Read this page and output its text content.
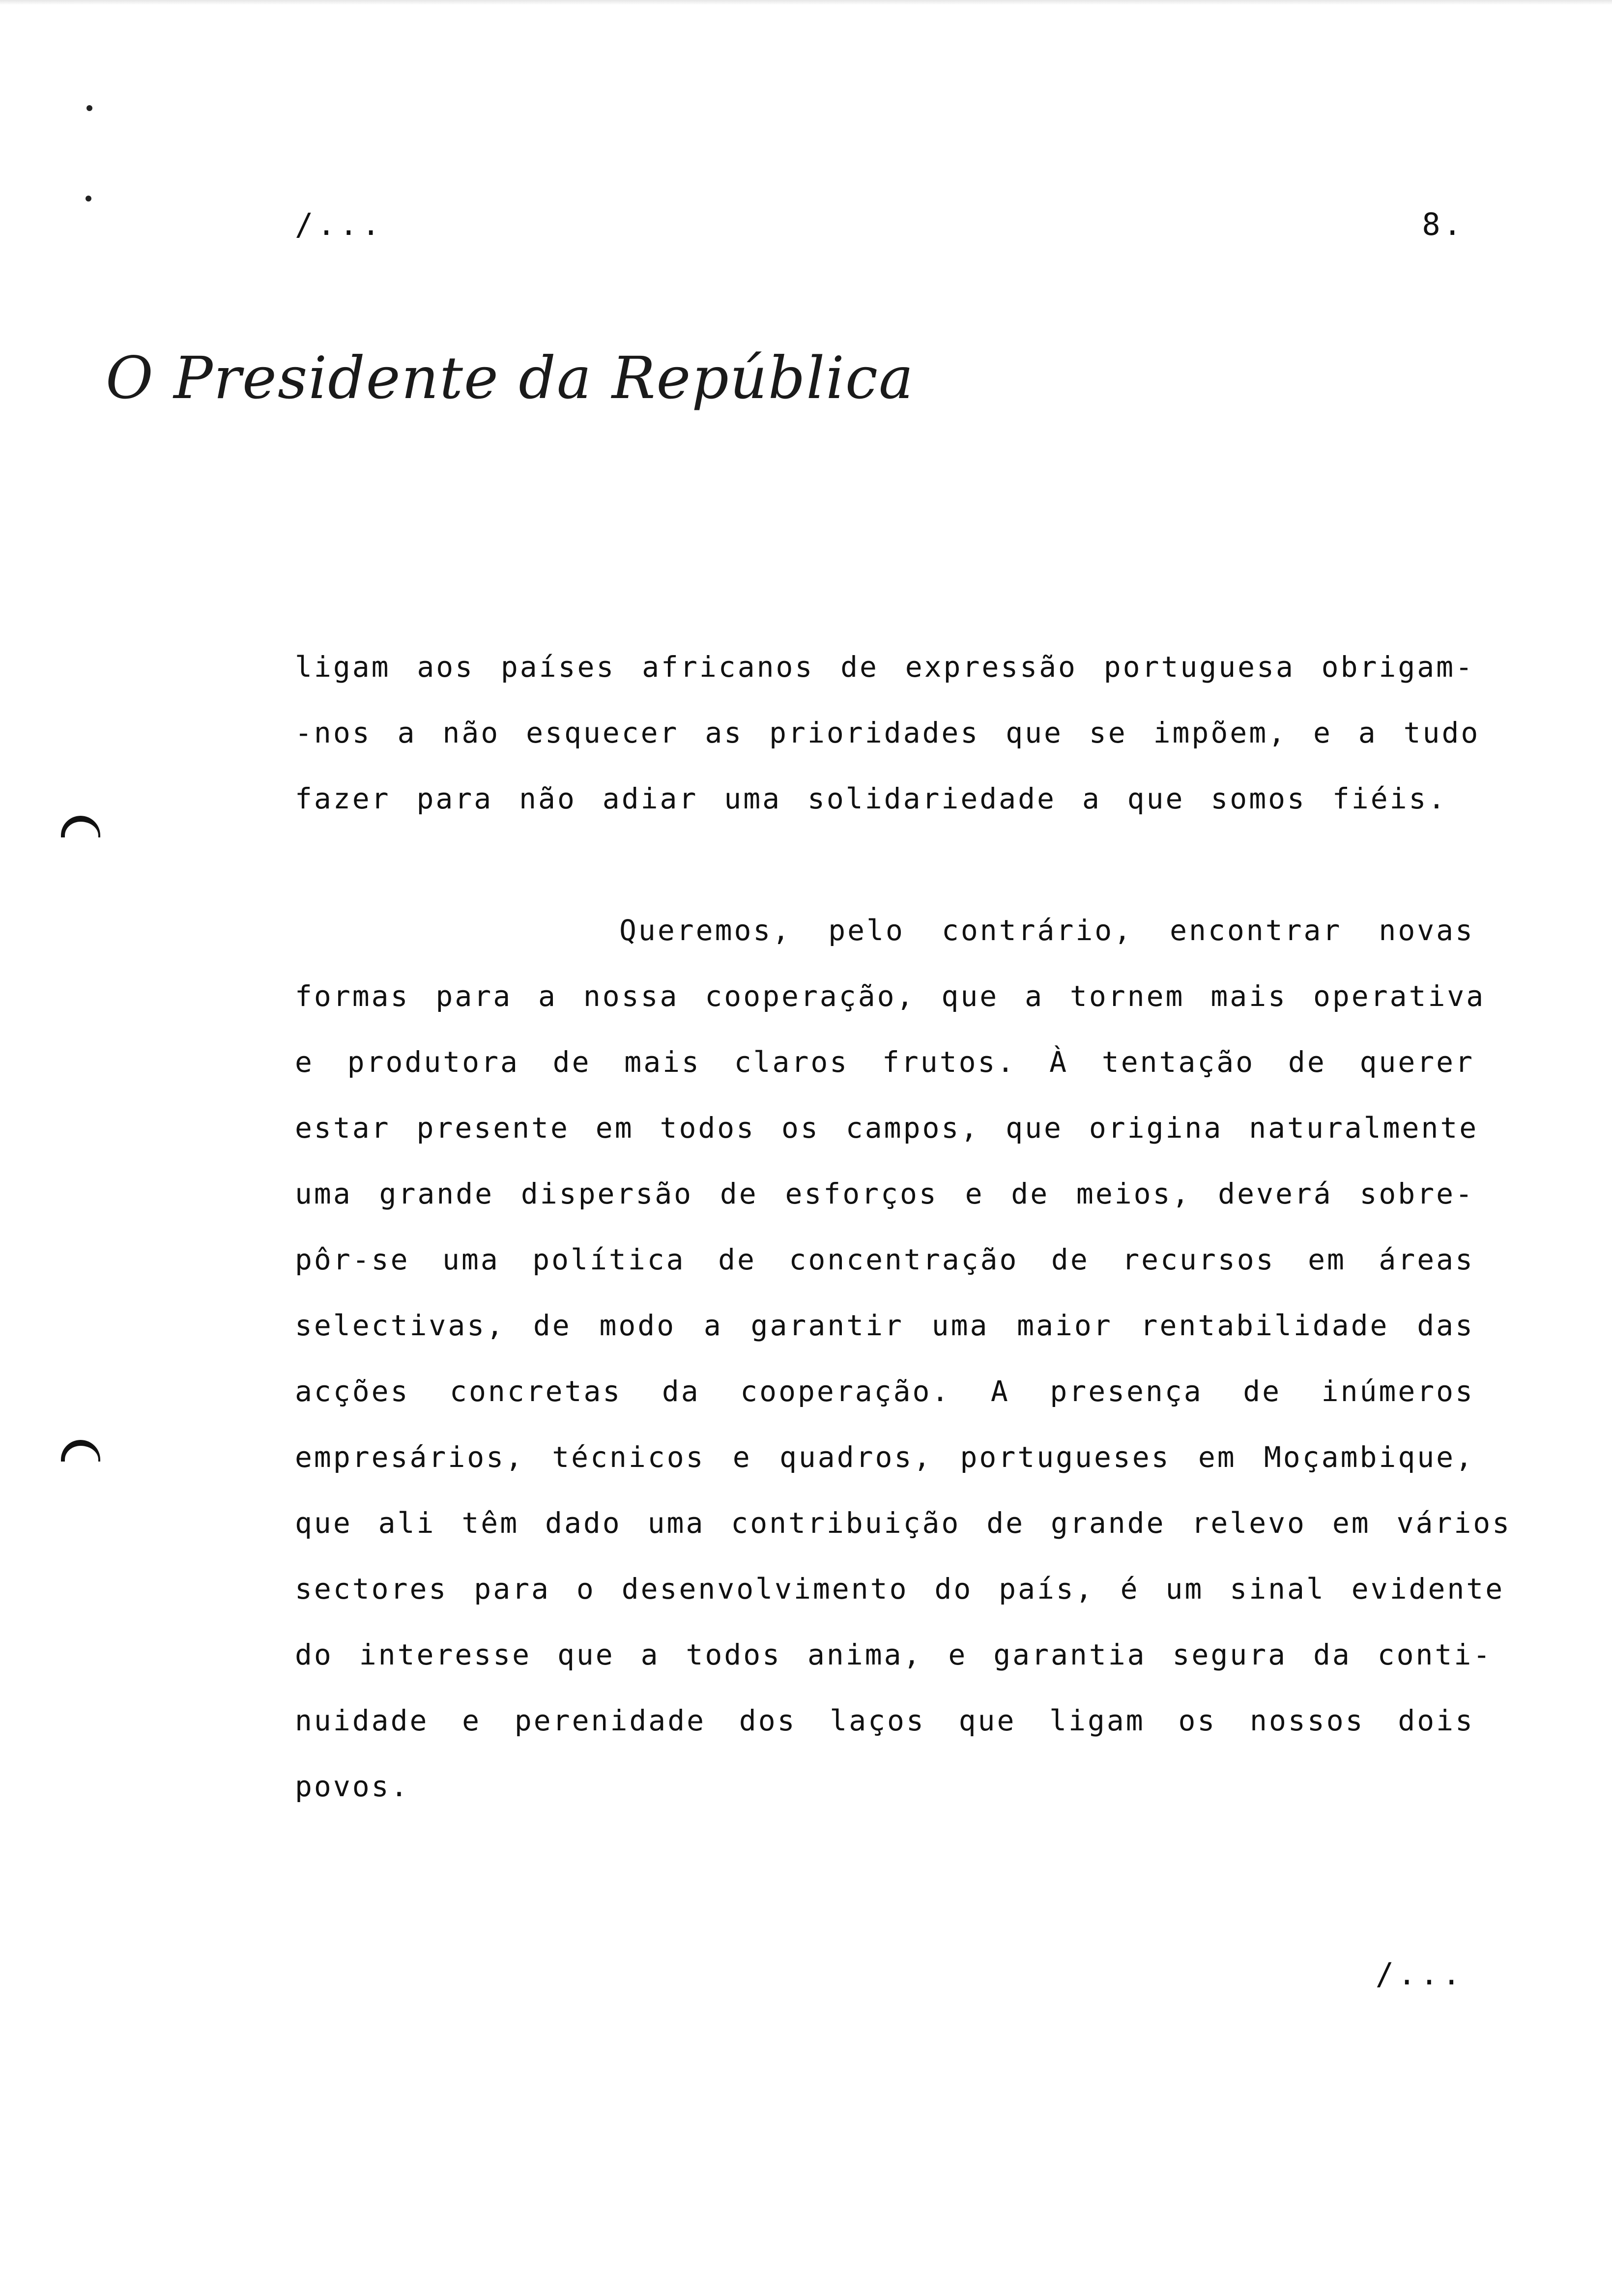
/...	8.
O Presidente da República
ligam aos países africanos de expressão portuguesa obrigam-
-nos a não esquecer as prioridades que se impõem, e a tudo
fazer para não adiar uma solidariedade a que somos fiéis.
Queremos, pelo contrário, encontrar novas
formas para a nossa cooperação, que a tornem mais operativa
e produtora de mais claros frutos. À tentação de querer
estar presente em todos os campos, que origina naturalmente
uma grande dispersão de esforços e de meios, deverá sobre-
pôr-se uma política de concentração de recursos em áreas
selectivas, de modo a garantir uma maior rentabilidade das
acções concretas da cooperação. A presença de inúmeros
empresários, técnicos e quadros, portugueses em Moçambique,
que ali têm dado uma contribuição de grande relevo em vários
sectores para o desenvolvimento do país, é um sinal evidente
do interesse que a todos anima, e garantia segura da conti-
nuidade e perenidade dos laços que ligam os nossos dois
povos.
/...
